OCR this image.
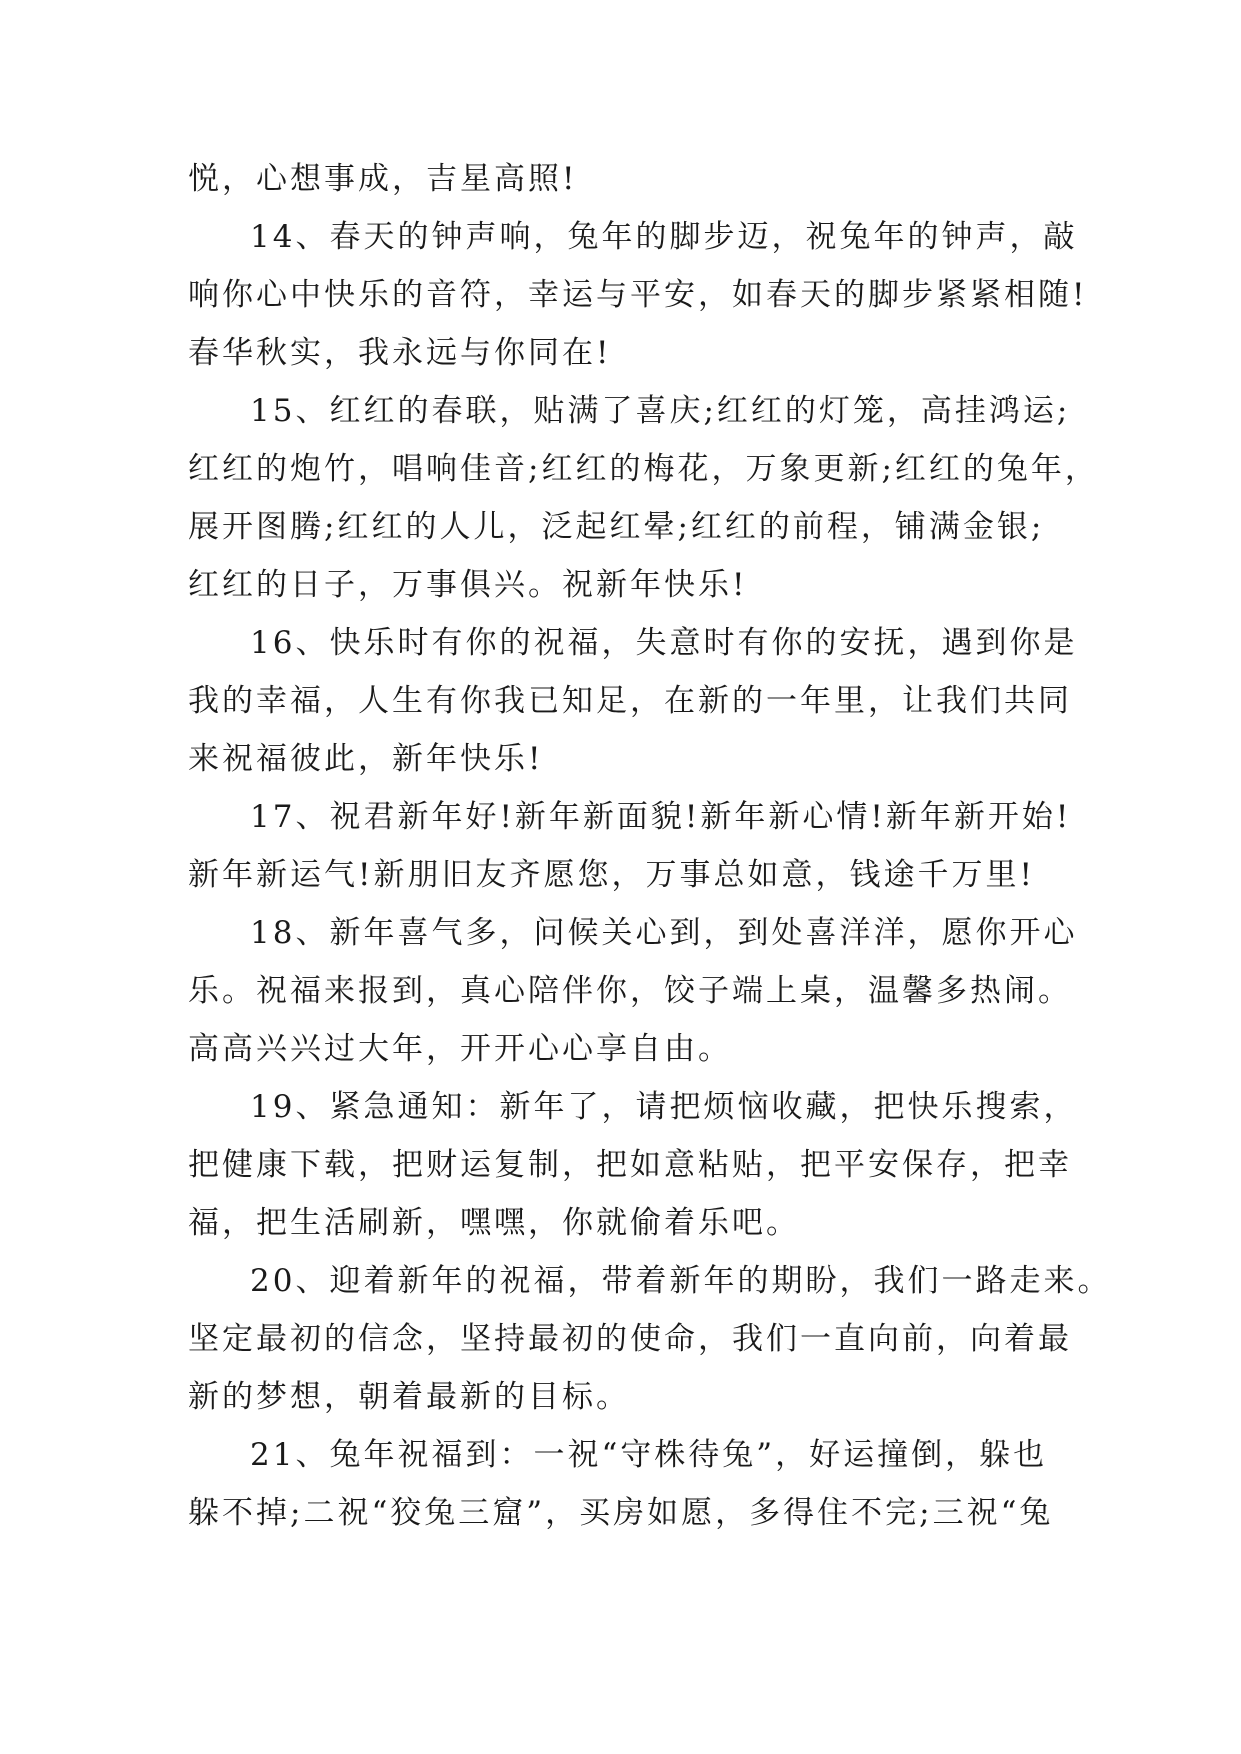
悦，心想事成，吉星高照!
14、春天的钟声响，兔年的脚步迈，祝兔年的钟声，敲
响你心中快乐的音符，幸运与平安，如春天的脚步紧紧相随!
春华秋实，我永远与你同在!
15、红红的春联，贴满了喜庆;红红的灯笼，高挂鸿运;
红红的炮竹，唱响佳音;红红的梅花，万象更新;红红的兔年，
展开图腾;红红的人儿，泛起红晕;红红的前程，铺满金银;
红红的日子，万事俱兴。祝新年快乐!
16、快乐时有你的祝福，失意时有你的安抚，遇到你是
我的幸福，人生有你我已知足，在新的一年里，让我们共同
来祝福彼此，新年快乐!
17、祝君新年好!新年新面貌!新年新心情!新年新开始!
新年新运气!新朋旧友齐愿您，万事总如意，钱途千万里!
18、新年喜气多，问候关心到，到处喜洋洋，愿你开心
乐。祝福来报到，真心陪伴你，饺子端上桌，温馨多热闹。
高高兴兴过大年，开开心心享自由。
19、紧急通知：新年了，请把烦恼收藏，把快乐搜索，
把健康下载，把财运复制，把如意粘贴，把平安保存，把幸
福，把生活刷新，嘿嘿，你就偷着乐吧。
20、迎着新年的祝福，带着新年的期盼，我们一路走来。
坚定最初的信念，坚持最初的使命，我们一直向前，向着最
新的梦想，朝着最新的目标。
21、兔年祝福到：一祝“守株待兔”，好运撞倒，躲也
躲不掉;二祝“狡兔三窟”，买房如愿，多得住不完;三祝“兔
